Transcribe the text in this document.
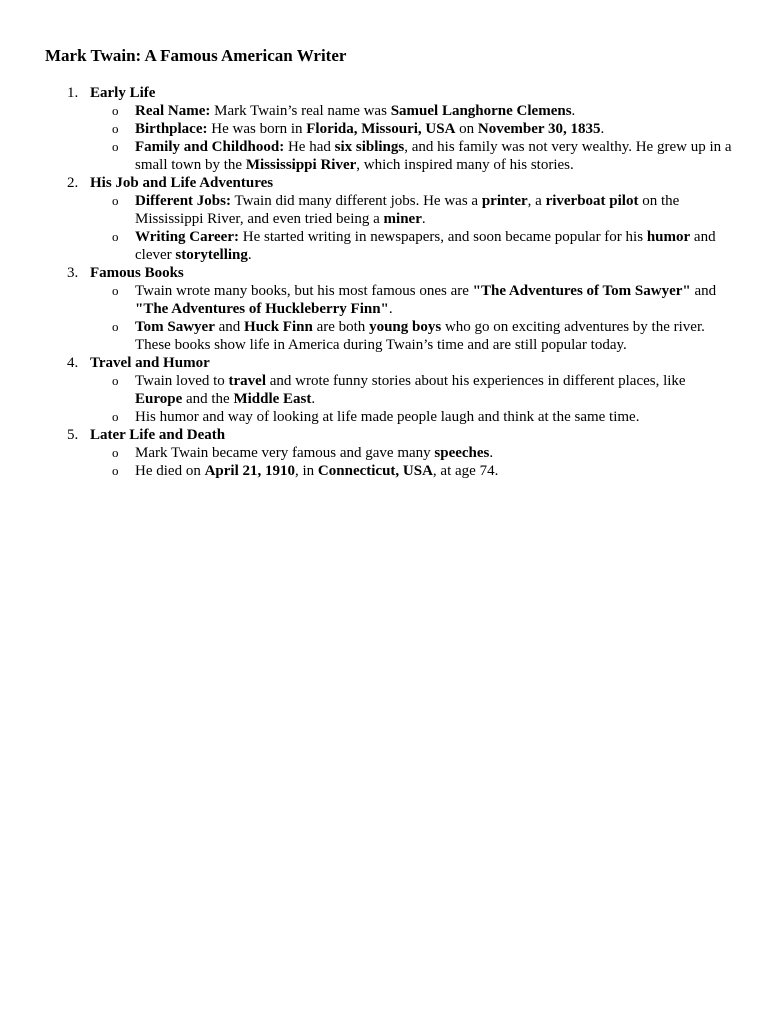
Mark Twain: A Famous American Writer
1. Early Life
o Real Name: Mark Twain’s real name was Samuel Langhorne Clemens.
o Birthplace: He was born in Florida, Missouri, USA on November 30, 1835.
o Family and Childhood: He had six siblings, and his family was not very wealthy. He grew up in a small town by the Mississippi River, which inspired many of his stories.
2. His Job and Life Adventures
o Different Jobs: Twain did many different jobs. He was a printer, a riverboat pilot on the Mississippi River, and even tried being a miner.
o Writing Career: He started writing in newspapers, and soon became popular for his humor and clever storytelling.
3. Famous Books
o Twain wrote many books, but his most famous ones are "The Adventures of Tom Sawyer" and "The Adventures of Huckleberry Finn".
o Tom Sawyer and Huck Finn are both young boys who go on exciting adventures by the river. These books show life in America during Twain’s time and are still popular today.
4. Travel and Humor
o Twain loved to travel and wrote funny stories about his experiences in different places, like Europe and the Middle East.
o His humor and way of looking at life made people laugh and think at the same time.
5. Later Life and Death
o Mark Twain became very famous and gave many speeches.
o He died on April 21, 1910, in Connecticut, USA, at age 74.
